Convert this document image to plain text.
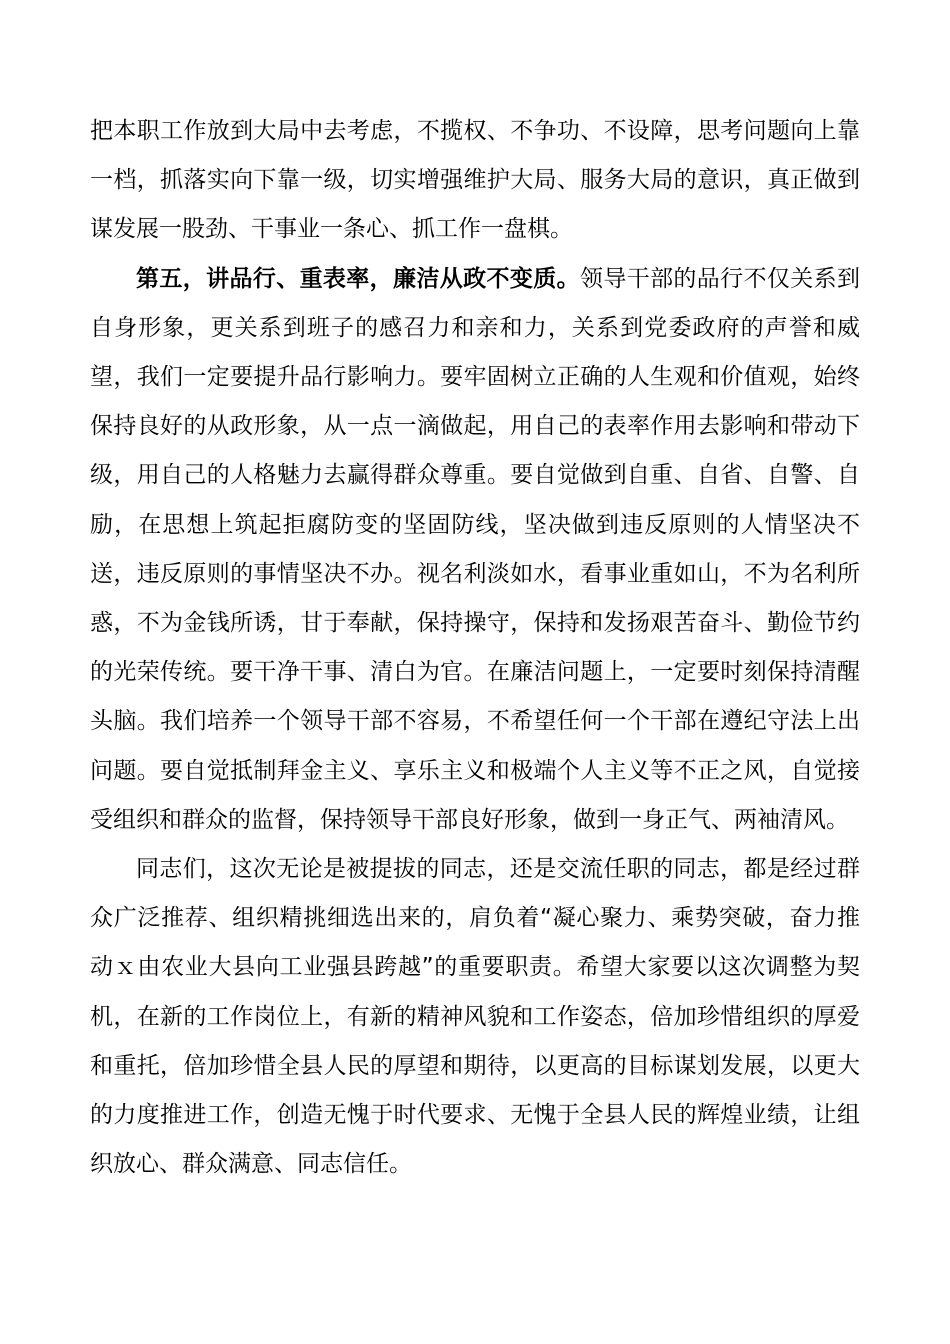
把本职工作放到大局中去考虑，不揽权、不争功、不设障，思考问题向上靠一档，抓落实向下靠一级，切实增强维护大局、服务大局的意识，真正做到谋发展一股劲、干事业一条心、抓工作一盘棋。

第五，讲品行、重表率，廉洁从政不变质。领导干部的品行不仅关系到自身形象，更关系到班子的感召力和亲和力，关系到党委政府的声誉和威望，我们一定要提升品行影响力。要牢固树立正确的人生观和价值观，始终保持良好的从政形象，从一点一滴做起，用自己的表率作用去影响和带动下级，用自己的人格魅力去赢得群众尊重。要自觉做到自重、自省、自警、自励，在思想上筑起拒腐防变的坚固防线，坚决做到违反原则的人情坚决不送，违反原则的事情坚决不办。视名利淡如水，看事业重如山，不为名利所惑，不为金钱所诱，甘于奉献，保持操守，保持和发扬艰苦奋斗、勤俭节约的光荣传统。要干净干事、清白为官。在廉洁问题上，一定要时刻保持清醒头脑。我们培养一个领导干部不容易，不希望任何一个干部在遵纪守法上出问题。要自觉抵制拜金主义、享乐主义和极端个人主义等不正之风，自觉接受组织和群众的监督，保持领导干部良好形象，做到一身正气、两袖清风。

同志们，这次无论是被提拔的同志，还是交流任职的同志，都是经过群众广泛推荐、组织精挑细选出来的，肩负着“凝心聚力、乘势突破，奋力推动ｘ由农业大县向工业强县跨越”的重要职责。希望大家要以这次调整为契机，在新的工作岗位上，有新的精神风貌和工作姿态，倍加珍惜组织的厚爱和重托，倍加珍惜全县人民的厚望和期待，以更高的目标谋划发展，以更大的力度推进工作，创造无愧于时代要求、无愧于全县人民的辉煌业绩，让组织放心、群众满意、同志信任。
